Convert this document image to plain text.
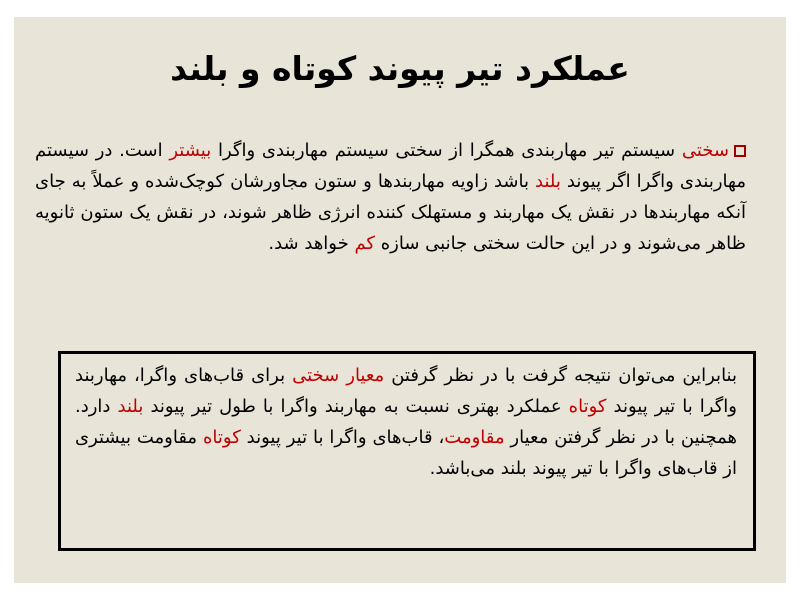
عملکرد تیر پیوند کوتاه و بلند

سختی سیستم تیر مهاربندی همگرا از سختی سیستم مهاربندی واگرا بیشتر است. در سیستم مهاربندی واگرا اگر پیوند بلند باشد زاویه مهاربندها و ستون مجاورشان کوچک‌شده و عملاً به جای آنکه مهاربندها در نقش یک مهاربند و مستهلک کننده انرژی ظاهر شوند، در نقش یک ستون ثانویه ظاهر می‌شوند و در این حالت سختی جانبی سازه کم خواهد شد.

بنابراین می‌توان نتیجه گرفت با در نظر گرفتن معیار سختی برای قاب‌های واگرا، مهاربند واگرا با تیر پیوند کوتاه عملکرد بهتری نسبت به مهاربند واگرا با طول تیر پیوند بلند دارد. همچنین با در نظر گرفتن معیار مقاومت، قاب‌های واگرا با تیر پیوند کوتاه مقاومت بیشتری از قاب‌های واگرا با تیر پیوند بلند می‌باشد.
